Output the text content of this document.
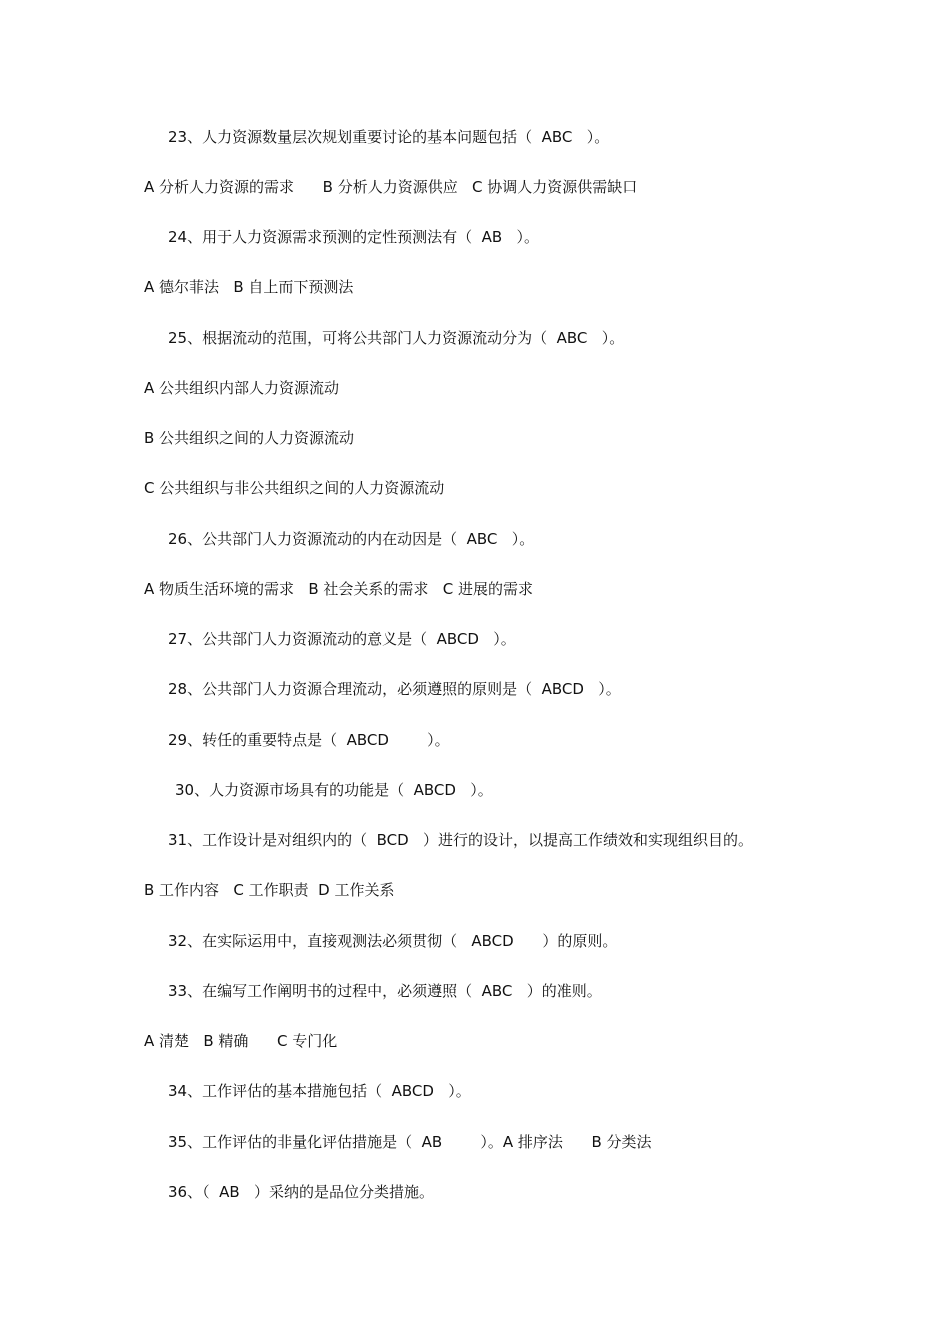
23、人力资源数量层次规划重要讨论的基本问题包括（  ABC   ）。
A 分析人力资源的需求      B 分析人力资源供应   C 协调人力资源供需缺口
24、用于人力资源需求预测的定性预测法有（  AB   ）。
A 德尔菲法   B 自上而下预测法
25、根据流动的范围，可将公共部门人力资源流动分为（  ABC   ）。
A 公共组织内部人力资源流动
B 公共组织之间的人力资源流动
C 公共组织与非公共组织之间的人力资源流动
26、公共部门人力资源流动的内在动因是（  ABC   ）。
A 物质生活环境的需求   B 社会关系的需求   C 进展的需求
27、公共部门人力资源流动的意义是（  ABCD   ）。
28、公共部门人力资源合理流动，必须遵照的原则是（  ABCD   ）。
29、转任的重要特点是（  ABCD        ）。
30、人力资源市场具有的功能是（  ABCD   ）。
31、工作设计是对组织内的（  BCD   ）进行的设计，以提高工作绩效和实现组织目的。
B 工作内容   C 工作职责  D 工作关系
32、在实际运用中，直接观测法必须贯彻（   ABCD      ）的原则。
33、在编写工作阐明书的过程中，必须遵照（  ABC   ）的准则。
A 清楚   B 精确      C 专门化
34、工作评估的基本措施包括（  ABCD   ）。
35、工作评估的非量化评估措施是（  AB        ）。A 排序法      B 分类法
36、（  AB   ）采纳的是品位分类措施。
